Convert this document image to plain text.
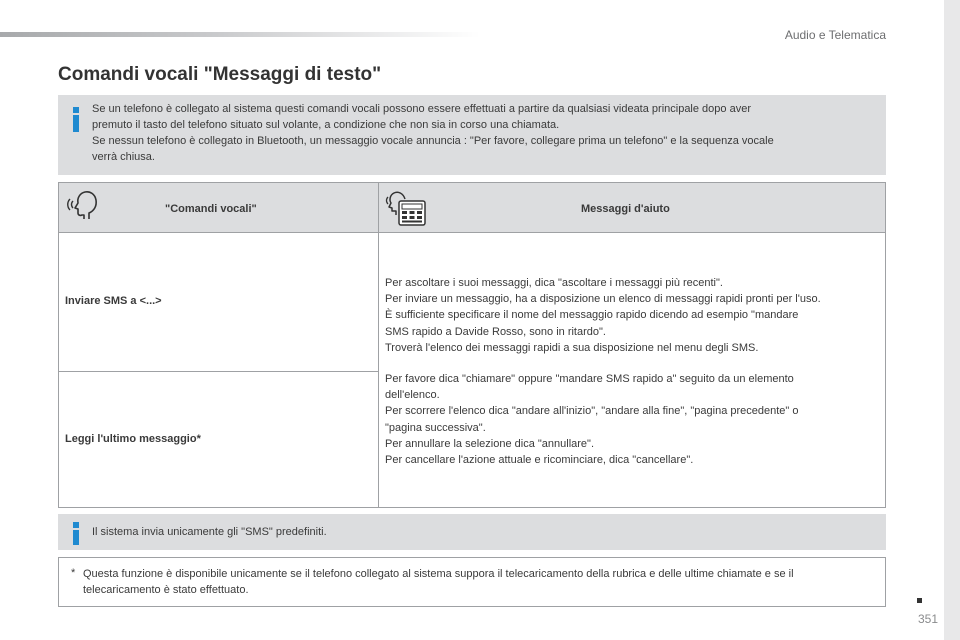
Audio e Telematica
Comandi vocali "Messaggi di testo"
Se un telefono è collegato al sistema questi comandi vocali possono essere effettuati a partire da qualsiasi videata principale dopo aver
premuto il tasto del telefono situato sul volante, a condizione che non sia in corso una chiamata.
Se nessun telefono è collegato in Bluetooth, un messaggio vocale annuncia : "Per favore, collegare prima un telefono" e la sequenza vocale
verrà chiusa.
"Comandi vocali"	Messaggi d'aiuto
Inviare SMS a <...>
Leggi l'ultimo messaggio*
Per ascoltare i suoi messaggi, dica "ascoltare i messaggi più recenti".
Per inviare un messaggio, ha a disposizione un elenco di messaggi rapidi pronti per l'uso.
È sufficiente specificare il nome del messaggio rapido dicendo ad esempio "mandare
SMS rapido a Davide Rosso, sono in ritardo".
Troverà l'elenco dei messaggi rapidi a sua disposizione nel menu degli SMS.
Per favore dica "chiamare" oppure "mandare SMS rapido a" seguito da un elemento
dell'elenco.
Per scorrere l'elenco dica "andare all'inizio", "andare alla fine", "pagina precedente" o
"pagina successiva".
Per annullare la selezione dica "annullare".
Per cancellare l'azione attuale e ricominciare, dica "cancellare".
Il sistema invia unicamente gli "SMS" predefiniti.
* Questa funzione è disponibile unicamente se il telefono collegato al sistema suppora il telecaricamento della rubrica e delle ultime chiamate e se il
telecaricamento è stato effettuato.
351
